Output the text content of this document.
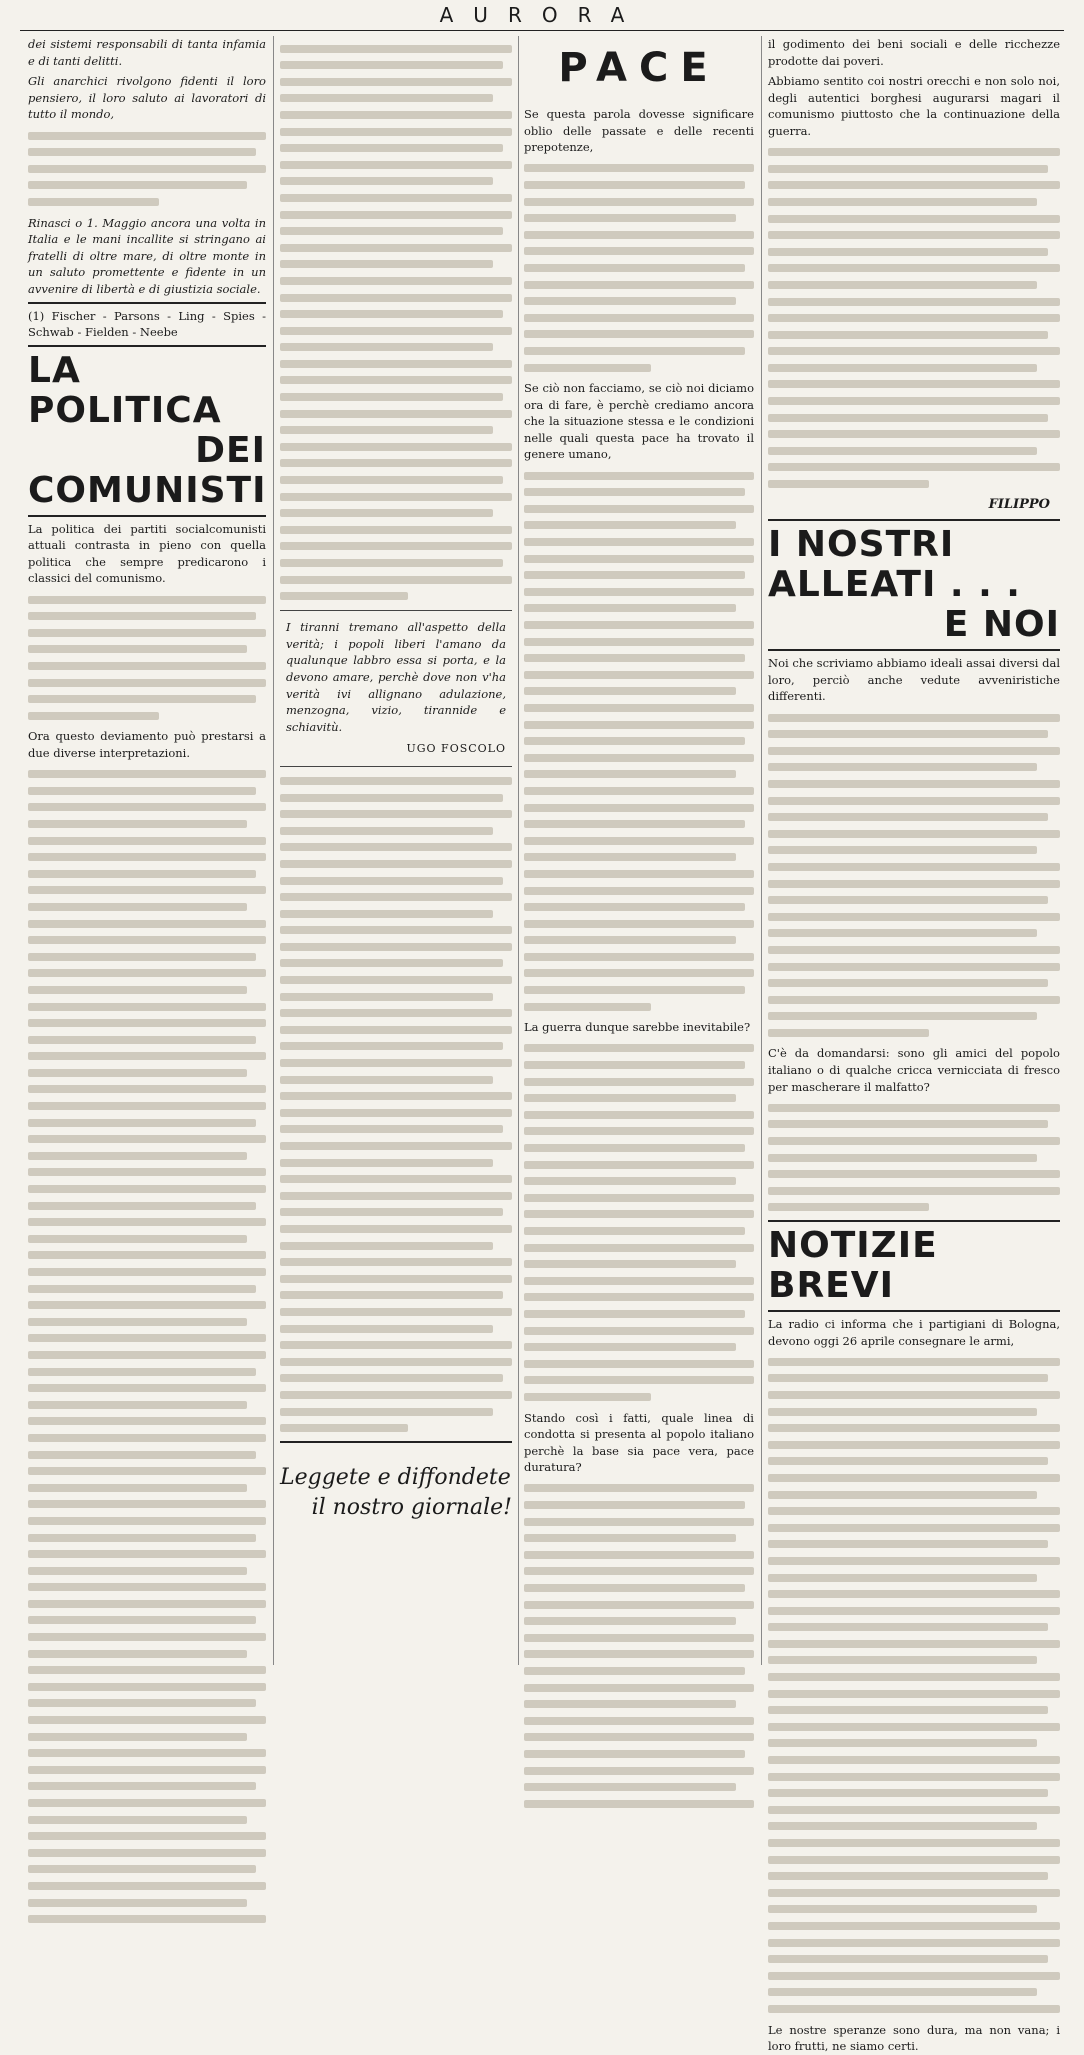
AURORA

dei sistemi responsabili di tanta infamia e di tanti delitti.

Gli anarchici rivolgono fidenti il loro pensiero, il loro saluto ai lavoratori di tutto il mondo,

Rinasci o 1. Maggio ancora una volta in Italia e le mani incallite si stringano ai fratelli di oltre mare, di oltre monte in un saluto promettente e fidente in un avvenire di libertà e di giustizia sociale.

(1) Fischer - Parsons - Ling - Spies - Schwab - Fielden - Neebe

LA POLITICA
DEI COMUNISTI

La politica dei partiti socialcomunisti attuali contrasta in pieno con quella politica che sempre predicarono i classici del comunismo.

Ora questo deviamento può prestarsi a due diverse interpretazioni.

I tiranni tremano all'aspetto della verità; i popoli liberi l'amano da qualunque labbro essa si porta, e la devono amare, perchè dove non v'ha verità ivi allignano adulazione, menzogna, vizio, tirannide e schiavitù.

UGO FOSCOLO
Leggete e diffondete
il nostro giornale!
PACE

Se questa parola dovesse significare oblio delle passate e delle recenti prepotenze,

Se ciò non facciamo, se ciò noi diciamo ora di fare, è perchè crediamo ancora che la situazione stessa e le condizioni nelle quali questa pace ha trovato il genere umano,

La guerra dunque sarebbe inevitabile?

Stando così i fatti, quale linea di condotta si presenta al popolo italiano perchè la base sia pace vera, pace duratura?

il godimento dei beni sociali e delle ricchezze prodotte dai poveri.

Abbiamo sentito coi nostri orecchi e non solo noi, degli autentici borghesi augurarsi magari il comunismo piuttosto che la continuazione della guerra.

FILIPPO
I NOSTRI ALLEATI . . .
E NOI

Noi che scriviamo abbiamo ideali assai diversi dal loro, perciò anche vedute avveniristiche differenti.

C'è da domandarsi: sono gli amici del popolo italiano o di qualche cricca vernicciata di fresco per mascherare il malfatto?

NOTIZIE BREVI

La radio ci informa che i partigiani di Bologna, devono oggi 26 aprile consegnare le armi,

Le nostre speranze sono dura, ma non vana; i loro frutti, ne siamo certi.
